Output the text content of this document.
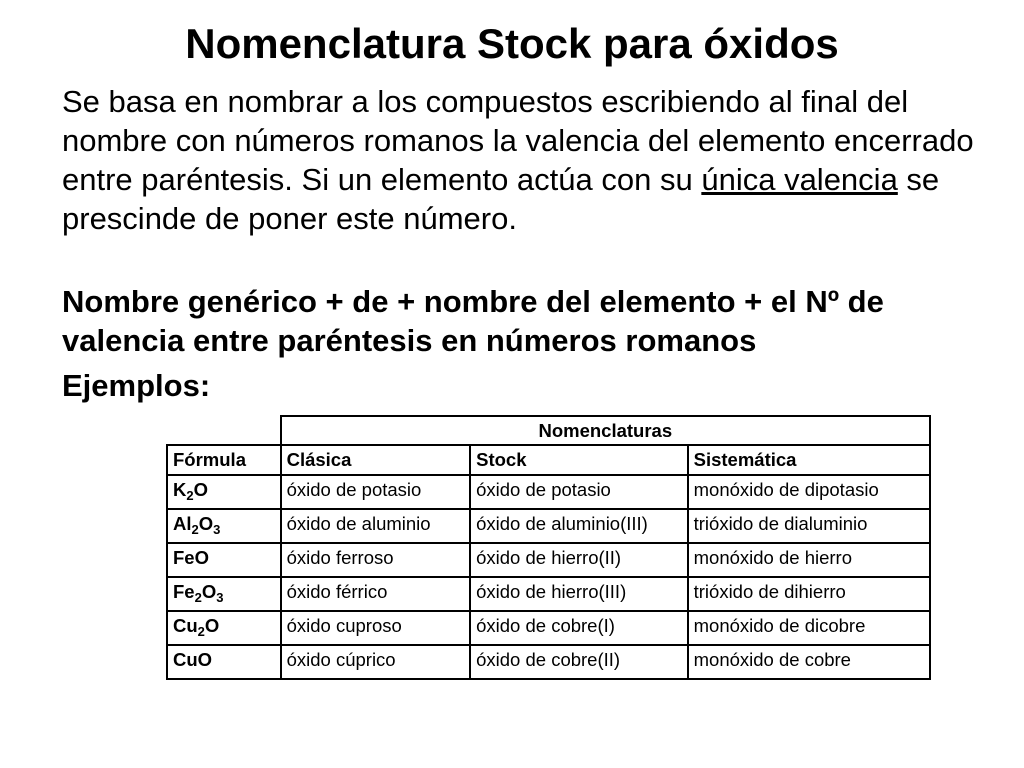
Nomenclatura Stock para óxidos

Se basa en nombrar a los compuestos escribiendo al final del nombre con números romanos la valencia del elemento encerrado entre paréntesis. Si un elemento actúa con su única valencia se prescinde de poner este número.

Nombre genérico + de + nombre del elemento + el Nº de valencia entre paréntesis en números romanos

Ejemplos:

	Nomenclaturas		
Fórmula	Clásica	Stock	Sistemática
$K_2O$	óxido de potasio	óxido de potasio	monóxido de dipotasio
$Al_2O_3$	óxido de aluminio	óxido de aluminio(III)	trióxido de dialuminio
FeO	óxido ferroso	óxido de hierro(II)	monóxido de hierro
$Fe_2O_3$	óxido férrico	óxido de hierro(III)	trióxido de dihierro
$Cu_2O$	óxido cuproso	óxido de cobre(I)	monóxido de dicobre
CuO	óxido cúprico	óxido de cobre(II)	monóxido de cobre
